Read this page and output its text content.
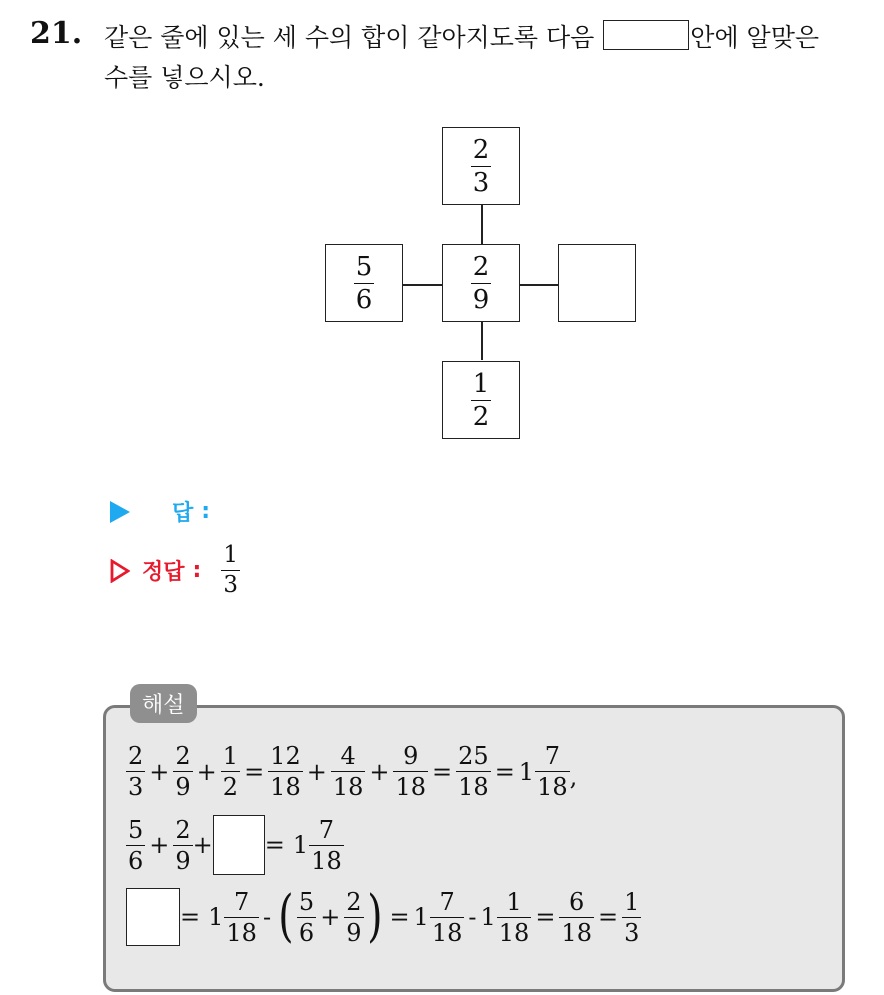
21. 같은 줄에 있는 세 수의 합이 같아지도록 다음	안에 알맞은
수를 넣으시오.
$\frac{2}{3}$
$\frac{5}{6}$	$\frac{2}{9}$
$\frac{1}{2}$
답 :
정답 : $\frac{1}{3}$
해설
$\frac{2}{3} + \frac{2}{9} + \frac{1}{2} = \frac{12}{18} + \frac{4}{18} + \frac{9}{18} = \frac{25}{18} = 1 \frac{7}{18}$ ,
$\frac{5}{6} + \frac{2}{9}$ + = $1 \frac{7}{18}$
= $1 \frac{7}{18}$ - ( $\frac{5}{6} + \frac{2}{9}$ ) = $1 \frac{7}{18} - 1 \frac{1}{18} = \frac{6}{18} = \frac{1}{3}$
